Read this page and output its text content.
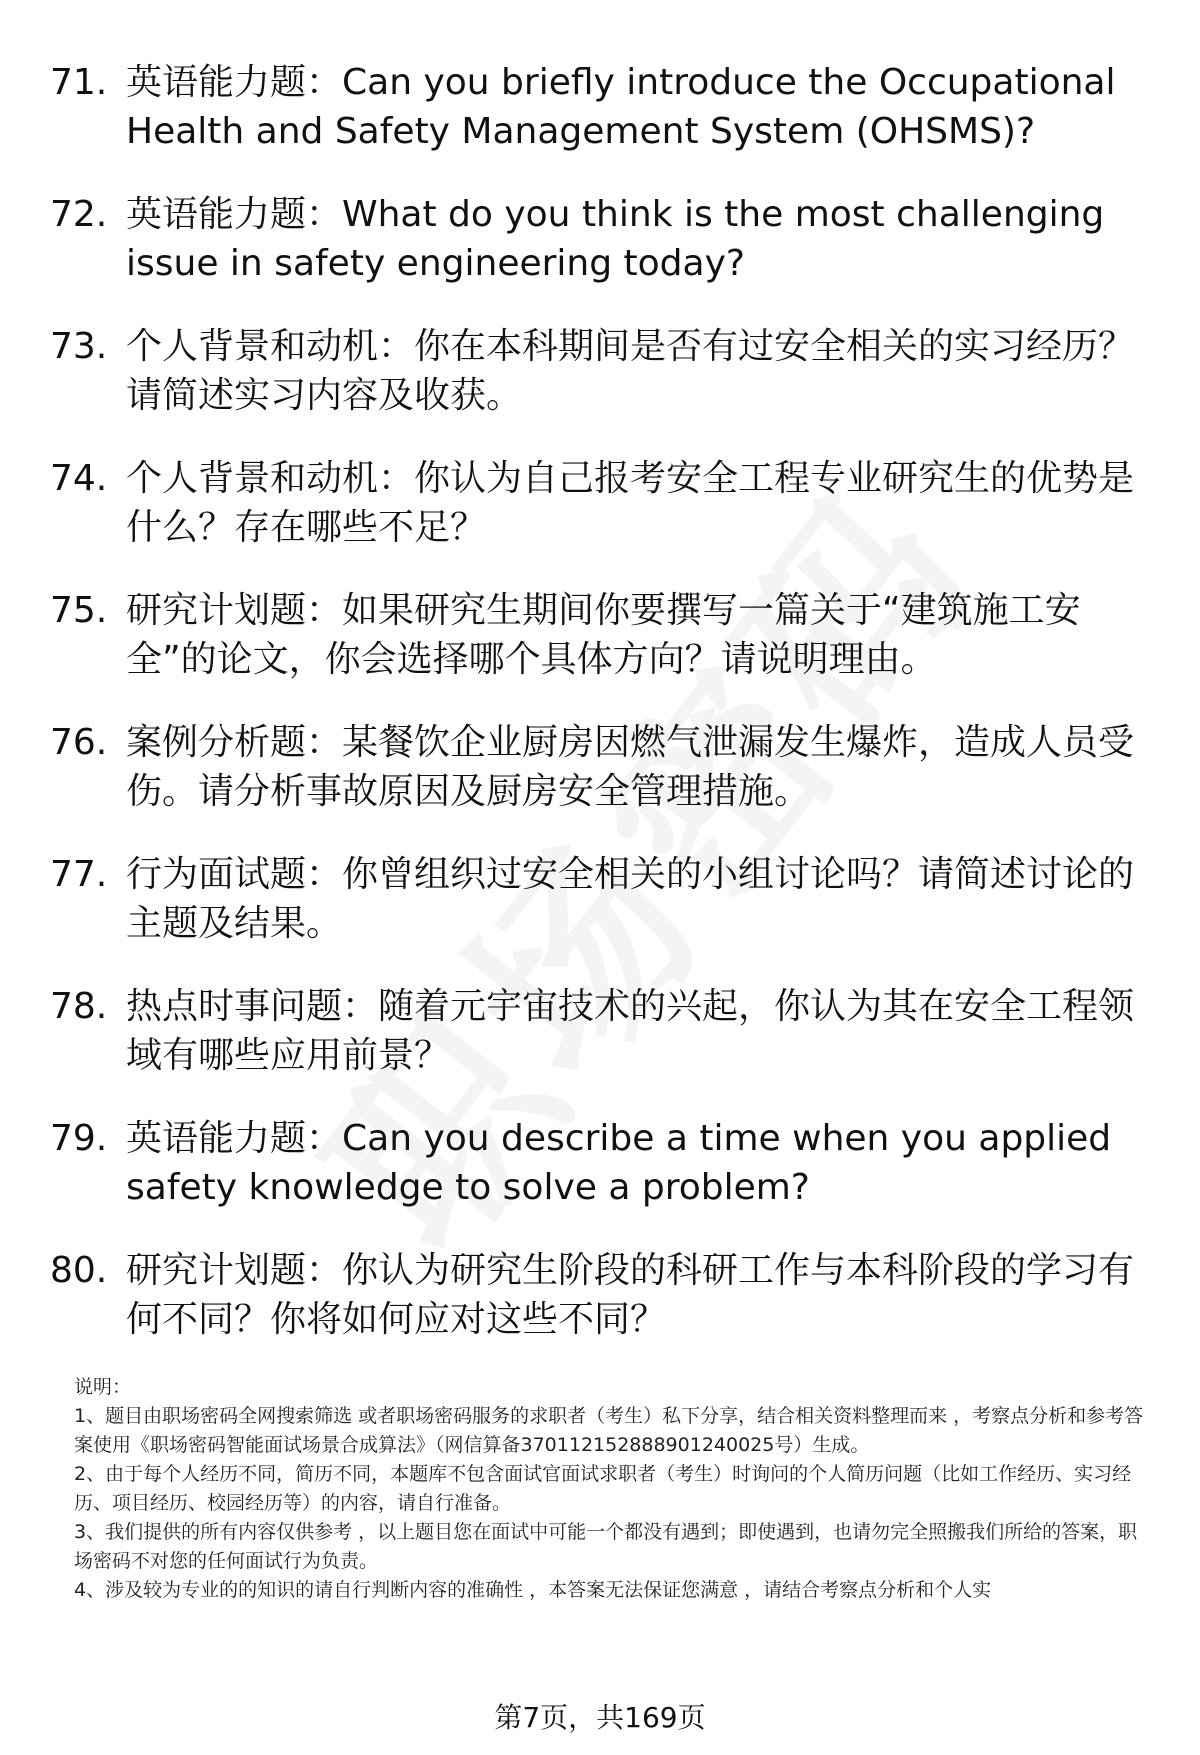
71. 英语能力题：Can you briefly introduce the Occupational Health and Safety Management System (OHSMS)?
72. 英语能力题：What do you think is the most challenging issue in safety engineering today?
73. 个人背景和动机：你在本科期间是否有过安全相关的实习经历？请简述实习内容及收获。
74. 个人背景和动机：你认为自己报考安全工程专业研究生的优势是什么？存在哪些不足？
75. 研究计划题：如果研究生期间你要撰写一篇关于“建筑施工安全”的论文，你会选择哪个具体方向？请说明理由。
76. 案例分析题：某餐饮企业厨房因燃气泄漏发生爆炸，造成人员受伤。请分析事故原因及厨房安全管理措施。
77. 行为面试题：你曾组织过安全相关的小组讨论吗？请简述讨论的主题及结果。
78. 热点时事问题：随着元宇宙技术的兴起，你认为其在安全工程领域有哪些应用前景？
79. 英语能力题：Can you describe a time when you applied safety knowledge to solve a problem?
80. 研究计划题：你认为研究生阶段的科研工作与本科阶段的学习有何不同？你将如何应对这些不同？

说明：

1、题目由职场密码全网搜索筛选 或者职场密码服务的求职者（考生）私下分享，结合相关资料整理而来 ，考察点分析和参考答案使用《职场密码智能面试场景合成算法》（网信算备370112152888901240025号）生成。

2、由于每个人经历不同，简历不同，本题库不包含面试官面试求职者（考生）时询问的个人简历问题（比如工作经历、实习经历、项目经历、校园经历等）的内容，请自行准备。

3、我们提供的所有内容仅供参考 ，以上题目您在面试中可能一个都没有遇到；即使遇到，也请勿完全照搬我们所给的答案，职场密码不对您的任何面试行为负责。

4、涉及较为专业的的知识的请自行判断内容的准确性 ，本答案无法保证您满意 ，请结合考察点分析和个人实

第7页，共169页
